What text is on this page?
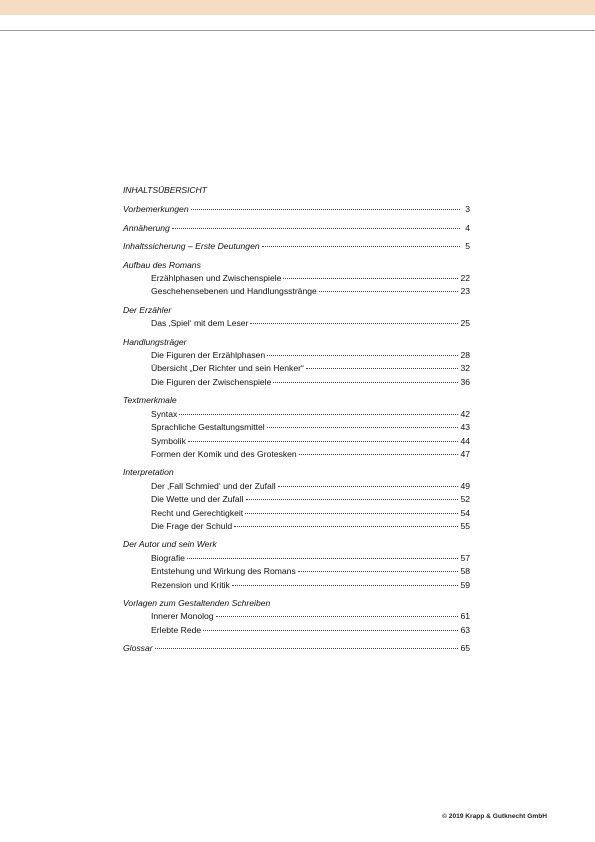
INHALTSÜBERSICHT
Vorbemerkungen	3
Annäherung	4
Inhaltssicherung – Erste Deutungen	5
Aufbau des Romans
Erzählphasen und Zwischenspiele	22
Geschehensebenen und Handlungsstränge	23
Der Erzähler
Das ‚Spiel‘ mit dem Leser	25
Handlungsträger
Die Figuren der Erzählphasen	28
Übersicht „Der Richter und sein Henker“	32
Die Figuren der Zwischenspiele	36
Textmerkmale
Syntax	42
Sprachliche Gestaltungsmittel	43
Symbolik	44
Formen der Komik und des Grotesken	47
Interpretation
Der ‚Fall Schmied‘ und der Zufall	49
Die Wette und der Zufall	52
Recht und Gerechtigkeit	54
Die Frage der Schuld	55
Der Autor und sein Werk
Biografie	57
Entstehung und Wirkung des Romans	58
Rezension und Kritik	59
Vorlagen zum Gestaltenden Schreiben
Innerer Monolog	61
Erlebte Rede	63
Glossar	65
© 2019 Krapp & Gutknecht GmbH
